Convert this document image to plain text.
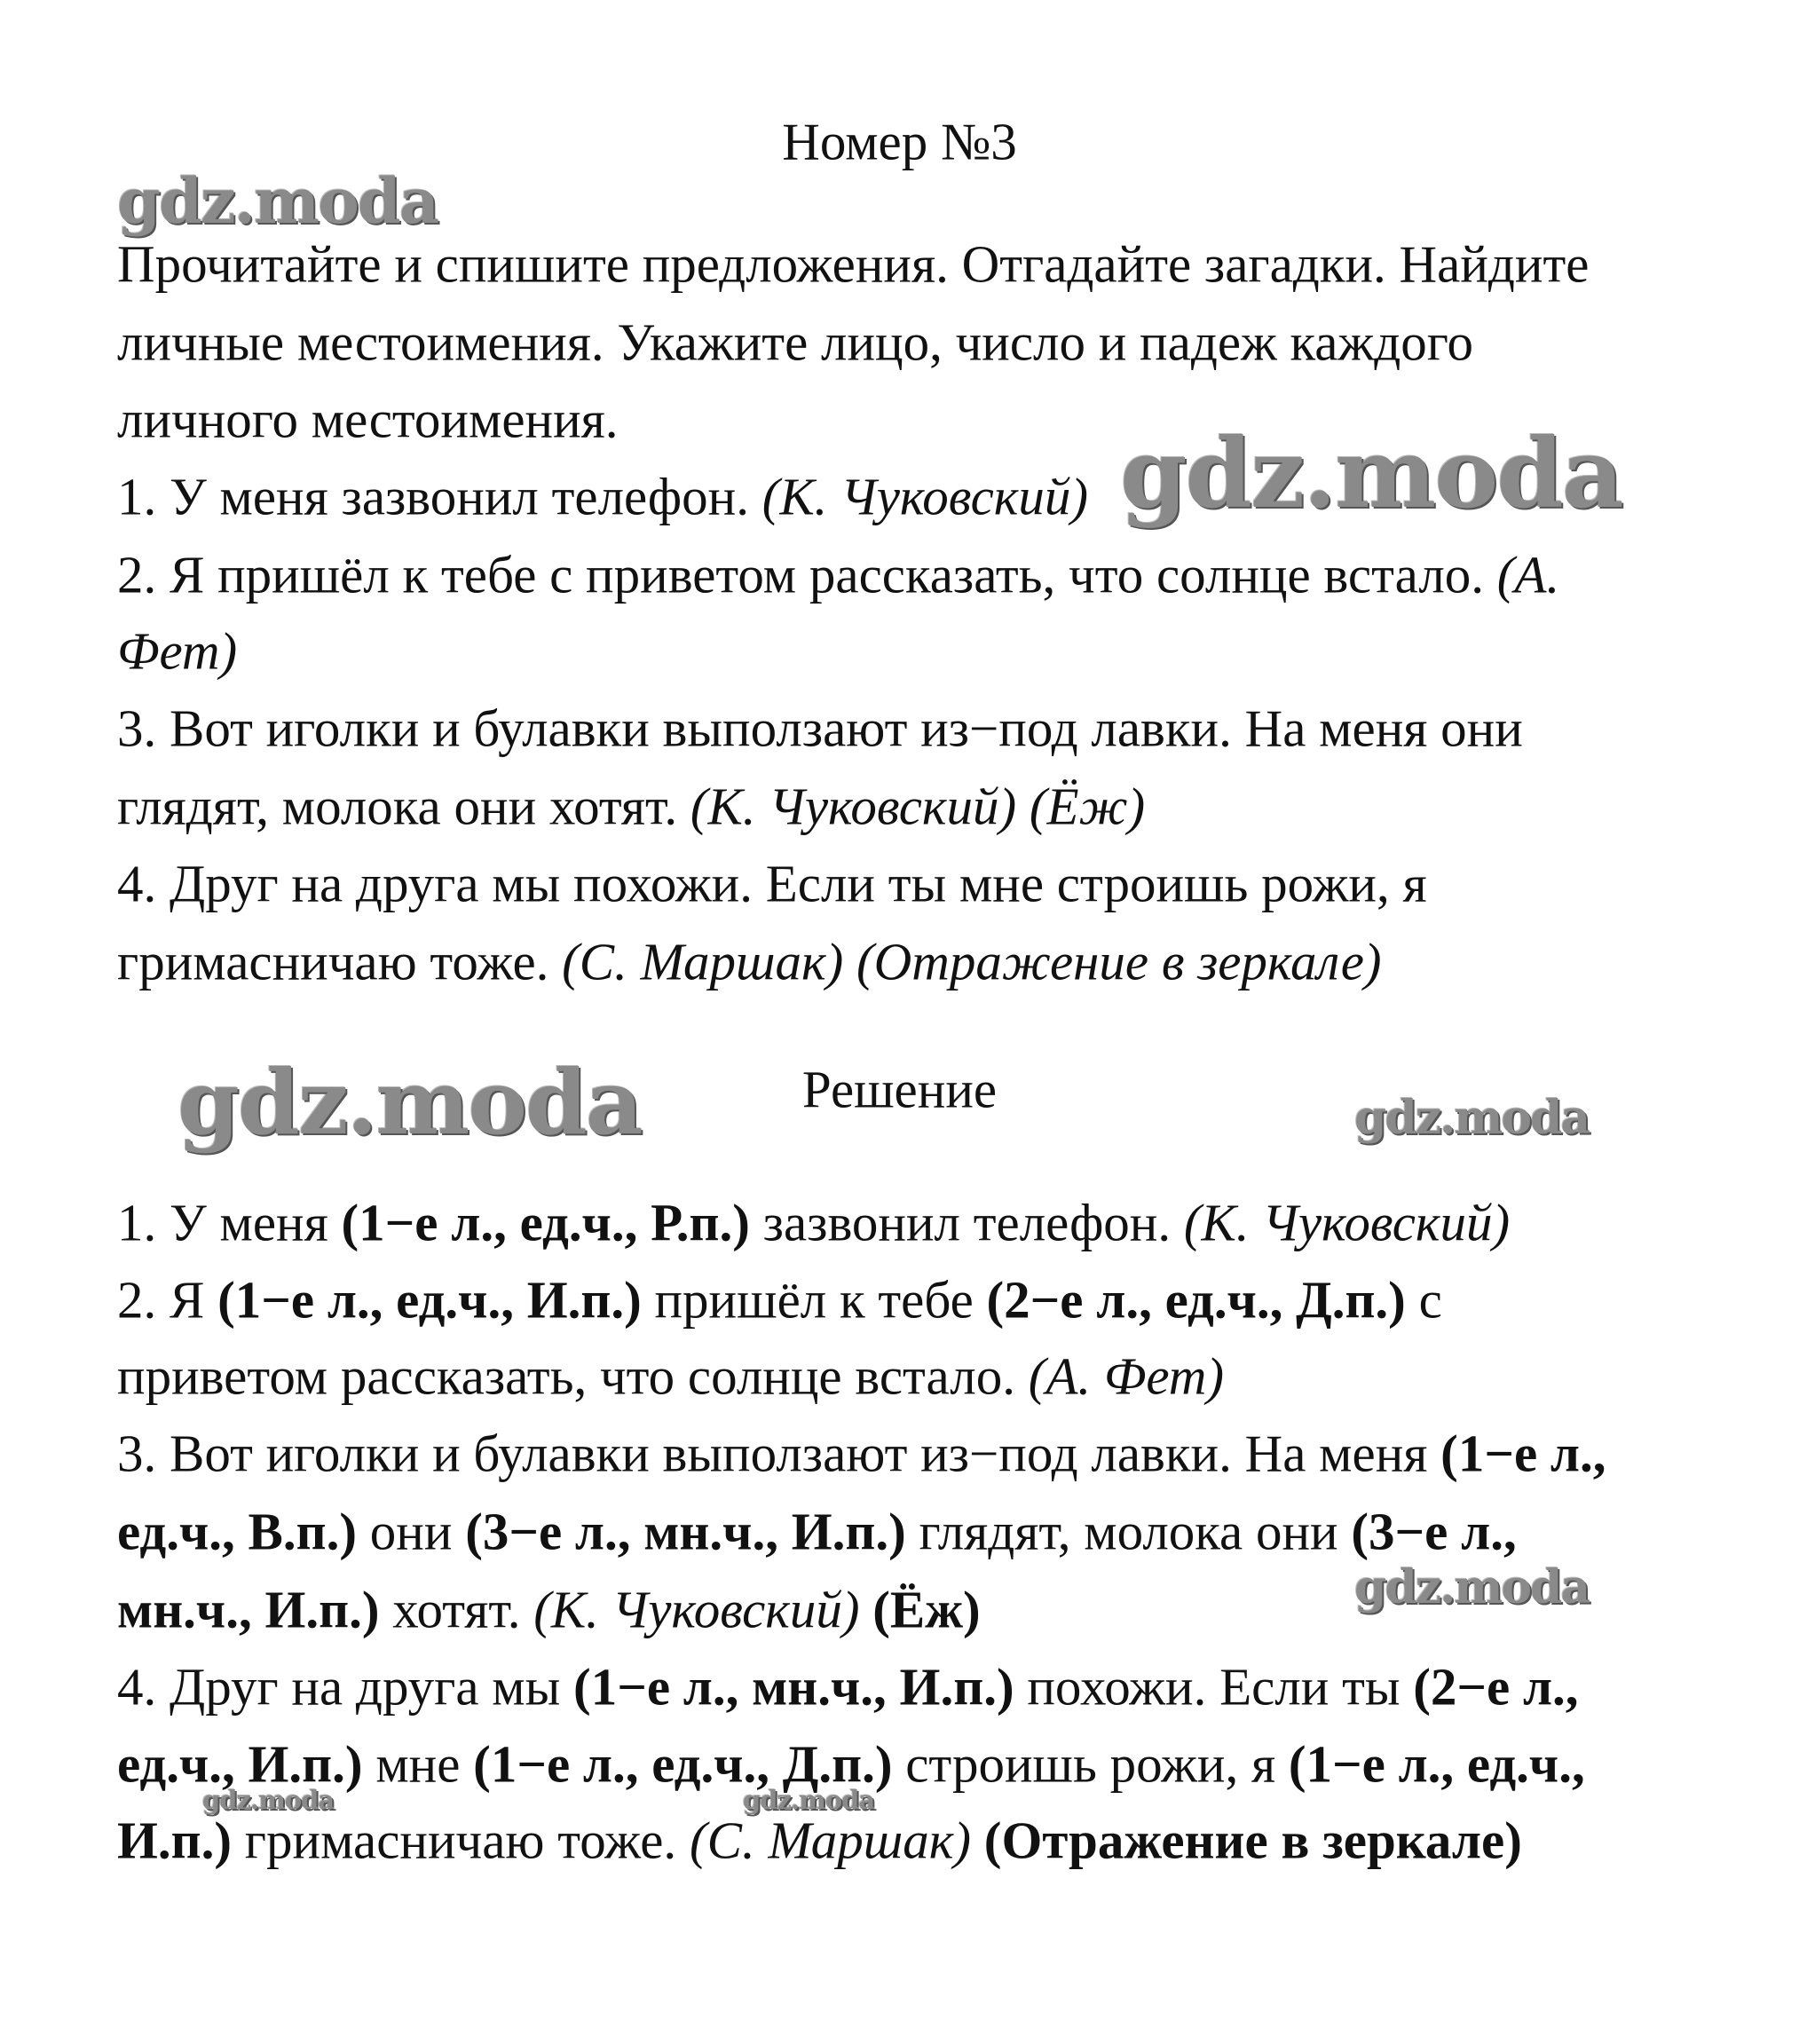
Номер №3
Прочитайте и спишите предложения. Отгадайте загадки. Найдите
личные местоимения. Укажите лицо, число и падеж каждого
личного местоимения.
1. У меня зазвонил телефон. (К. Чуковский)
2. Я пришёл к тебе с приветом рассказать, что солнце встало. (А.
Фет)
3. Вот иголки и булавки выползают из−под лавки. На меня они
глядят, молока они хотят. (К. Чуковский) (Ёж)
4. Друг на друга мы похожи. Если ты мне строишь рожи, я
гримасничаю тоже. (С. Маршак) (Отражение в зеркале)
Решение
1. У меня (1−е л., ед.ч., Р.п.) зазвонил телефон. (К. Чуковский)
2. Я (1−е л., ед.ч., И.п.) пришёл к тебе (2−е л., ед.ч., Д.п.) с
приветом рассказать, что солнце встало. (А. Фет)
3. Вот иголки и булавки выползают из−под лавки. На меня (1−е л.,
ед.ч., В.п.) они (3−е л., мн.ч., И.п.) глядят, молока они (3−е л.,
мн.ч., И.п.) хотят. (К. Чуковский) (Ёж)
4. Друг на друга мы (1−е л., мн.ч., И.п.) похожи. Если ты (2−е л.,
ед.ч., И.п.) мне (1−е л., ед.ч., Д.п.) строишь рожи, я (1−е л., ед.ч.,
И.п.) гримасничаю тоже. (С. Маршак) (Отражение в зеркале)
gdz.moda
gdz.moda
gdz.moda	gdz.moda
gdz.moda
gdz.moda	gdz.moda
